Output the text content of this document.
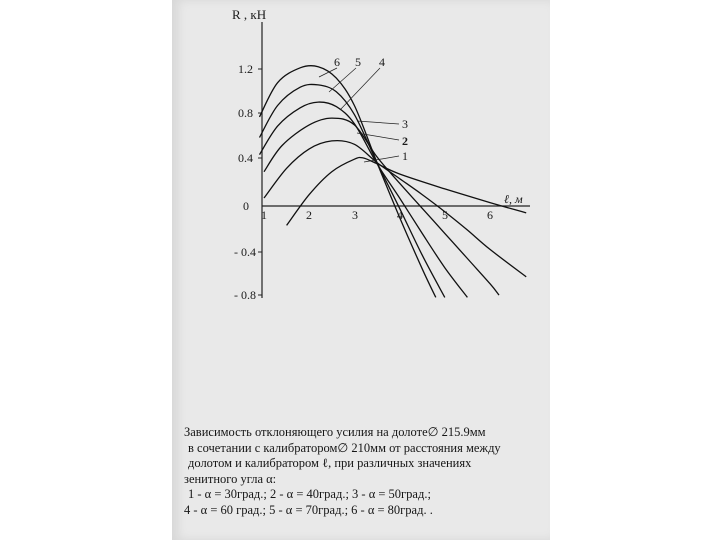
R , кН
ℓ, м
1.2
0.8
0.4
0
- 0.4
- 0.8
1	2	3	4	5	6
6 5 4
3
2
1
Зависимость отклоняющего усилия на долоте∅ 215.9мм
в сочетании с калибратором∅ 210мм от расстояния между
долотом и калибратором ℓ, при различных значениях
зенитного угла α:
1 - α = 30град.; 2 - α = 40град.; 3 - α = 50град.;
4 - α = 60 град.; 5 - α = 70град.; 6 - α = 80град. .
